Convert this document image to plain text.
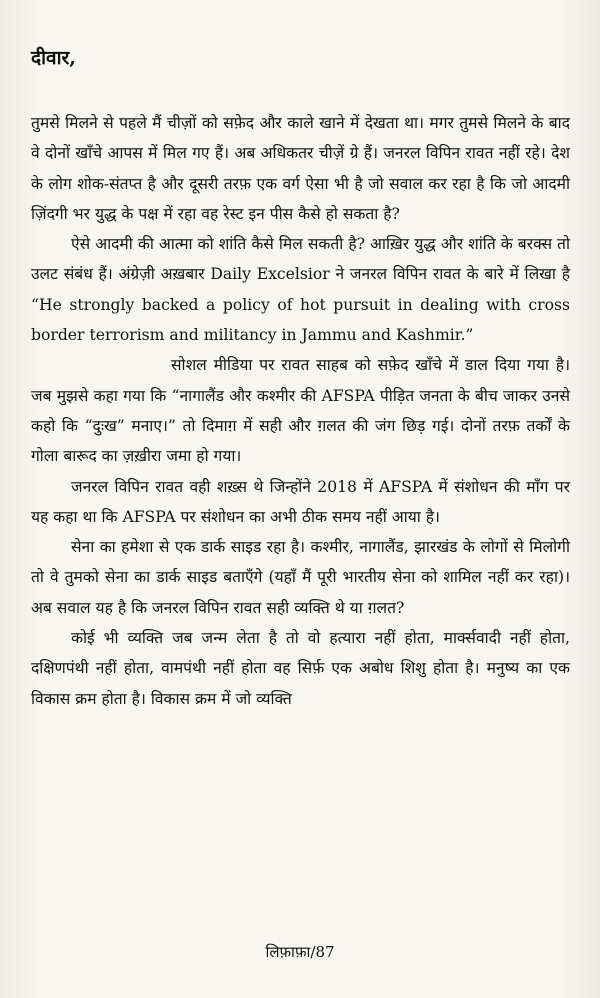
दीवार,

तुमसे मिलने से पहले मैं चीज़ों को सफ़ेद और काले खाने में देखता था। मगर तुमसे मिलने के बाद वे दोनों खाँचे आपस में मिल गए हैं। अब अधिकतर चीज़ें ग्रे हैं। जनरल विपिन रावत नहीं रहे। देश के लोग शोक-संतप्त है और दूसरी तरफ़ एक वर्ग ऐसा भी है जो सवाल कर रहा है कि जो आदमी ज़िंदगी भर युद्ध के पक्ष में रहा वह रेस्ट इन पीस कैसे हो सकता है?

ऐसे आदमी की आत्मा को शांति कैसे मिल सकती है? आख़िर युद्ध और शांति के बरक्स तो उलट संबंध हैं। अंग्रेज़ी अख़बार Daily Excelsior ने जनरल विपिन रावत के बारे में लिखा है “He strongly backed a policy of hot pursuit in dealing with cross border terrorism and militancy in Jammu and Kashmir.”

सोशल मीडिया पर रावत साहब को सफ़ेद खाँचे में डाल दिया गया है। जब मुझसे कहा गया कि “नागालैंड और कश्मीर की AFSPA पीड़ित जनता के बीच जाकर उनसे कहो कि “दुःख” मनाए।” तो दिमाग़ में सही और ग़लत की जंग छिड़ गई। दोनों तरफ़ तर्कों के गोला बारूद का ज़ख़ीरा जमा हो गया।

जनरल विपिन रावत वही शख़्स थे जिन्होंने 2018 में AFSPA में संशोधन की माँग पर यह कहा था कि AFSPA पर संशोधन का अभी ठीक समय नहीं आया है।

सेना का हमेशा से एक डार्क साइड रहा है। कश्मीर, नागालैंड, झारखंड के लोगों से मिलोगी तो वे तुमको सेना का डार्क साइड बताएँगे (यहाँ मैं पूरी भारतीय सेना को शामिल नहीं कर रहा)। अब सवाल यह है कि जनरल विपिन रावत सही व्यक्ति थे या ग़लत?

कोई भी व्यक्ति जब जन्म लेता है तो वो हत्यारा नहीं होता, मार्क्सवादी नहीं होता, दक्षिणपंथी नहीं होता, वामपंथी नहीं होता वह सिर्फ़ एक अबोध शिशु होता है। मनुष्य का एक विकास क्रम होता है। विकास क्रम में जो व्यक्ति

लिफ़ाफ़ा/87
